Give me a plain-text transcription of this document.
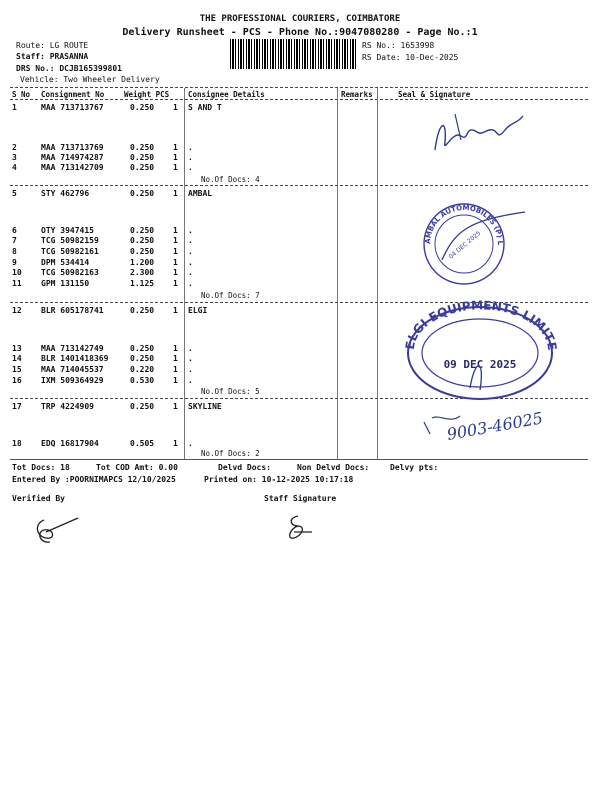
THE PROFESSIONAL COURIERS, COIMBATORE
Delivery Runsheet - PCS - Phone No.:9047080280 - Page No.:1
Route: LG ROUTE
Staff: PRASANNA
DRS No.: DCJB165399801
Vehicle: Two Wheeler Delivery
RS No.: 1653998
RS Date: 10-Dec-2025
S No Consignment No	Weight PCS	Consignee Details	Remarks	Seal & Signature
1	MAA 713713767	0.250 1 S AND T
2	MAA 713713769	0.250 1 .
3	MAA 714974287	0.250 1 .
4	MAA 713142709	0.250 1 .
No.Of Docs: 4
5	STY 462796	0.250 1 AMBAL
6	OTY 3947415	0.250 1 .
7	TCG 50982159	0.250 1 .
8	TCG 50982161	0.250 1 .
9	DPM 534414	1.200 1 .
10 TCG 50982163	2.300 1 .
11 GPM 131150	1.125 1 .
No.Of Docs: 7
12 BLR 605178741	0.250 1 ELGI
13 MAA 713142749	0.250 1 .
14 BLR 1401418369	0.250 1 .
15 MAA 714045537	0.220 1 .
16 IXM 509364929	0.530 1 .
No.Of Docs: 5
17 TRP 4224909	0.250 1 SKYLINE
18 EDQ 16817904	0.505 1 .
No.Of Docs: 2
Tot Docs: 18	Tot COD Amt: 0.00	Delvd Docs:	Non Delvd Docs:	Delvy pts:
Entered By :POORNIMAPCS 12/10/2025	Printed on: 10-12-2025 10:17:18
Verified By	Staff Signature
AMBAL AUTOMOBILES (P) LTD
04 DEC 2025
ELGI EQUIPMENTS LIMITED
09 DEC 2025
9003-46025
